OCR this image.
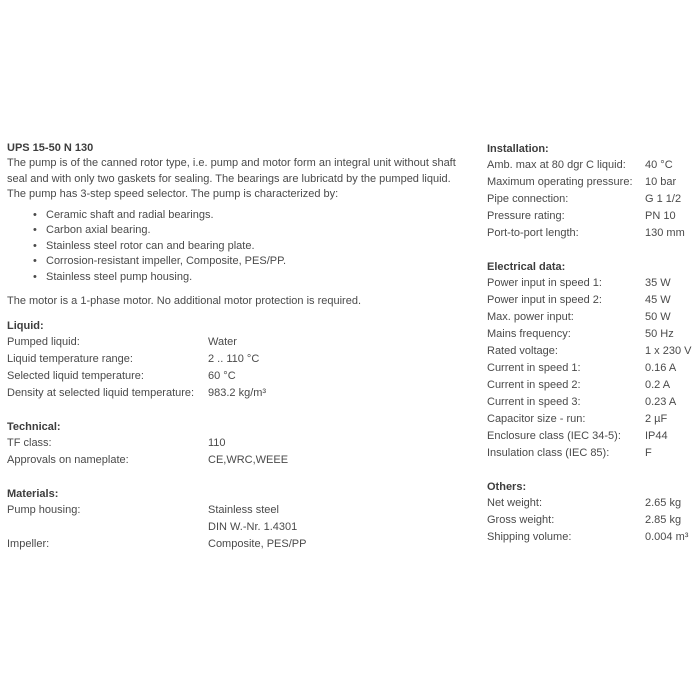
UPS 15-50 N 130

The pump is of the canned rotor type, i.e. pump and motor form an integral unit without shaft seal and with only two gaskets for sealing. The bearings are lubricatd by the pumped liquid. The pump has 3-step speed selector. The pump is characterized by:

• Ceramic shaft and radial bearings.
• Carbon axial bearing.
• Stainless steel rotor can and bearing plate.
• Corrosion-resistant impeller, Composite, PES/PP.
• Stainless steel pump housing.
The motor is a 1-phase motor. No additional motor protection is required.
Liquid:
Pumped liquid:	Water
Liquid temperature range:	2 .. 110 °C
Selected liquid temperature:	60 °C
Density at selected liquid temperature:	983.2 kg/m³
Technical:
TF class:	110
Approvals on nameplate:	CE,WRC,WEEE
Materials:
Pump housing:	Stainless steel
	DIN W.-Nr. 1.4301
Impeller:	Composite, PES/PP
Installation:
Amb. max at 80 dgr C liquid:	40 °C
Maximum operating pressure:	10 bar
Pipe connection:	G 1 1/2
Pressure rating:	PN 10
Port-to-port length:	130 mm
Electrical data:
Power input in speed 1:	35 W
Power input in speed 2:	45 W
Max. power input:	50 W
Mains frequency:	50 Hz
Rated voltage:	1 x 230 V
Current in speed 1:	0.16 A
Current in speed 2:	0.2 A
Current in speed 3:	0.23 A
Capacitor size - run:	2 µF
Enclosure class (IEC 34-5):	IP44
Insulation class (IEC 85):	F
Others:
Net weight:	2.65 kg
Gross weight:	2.85 kg
Shipping volume:	0.004 m³
